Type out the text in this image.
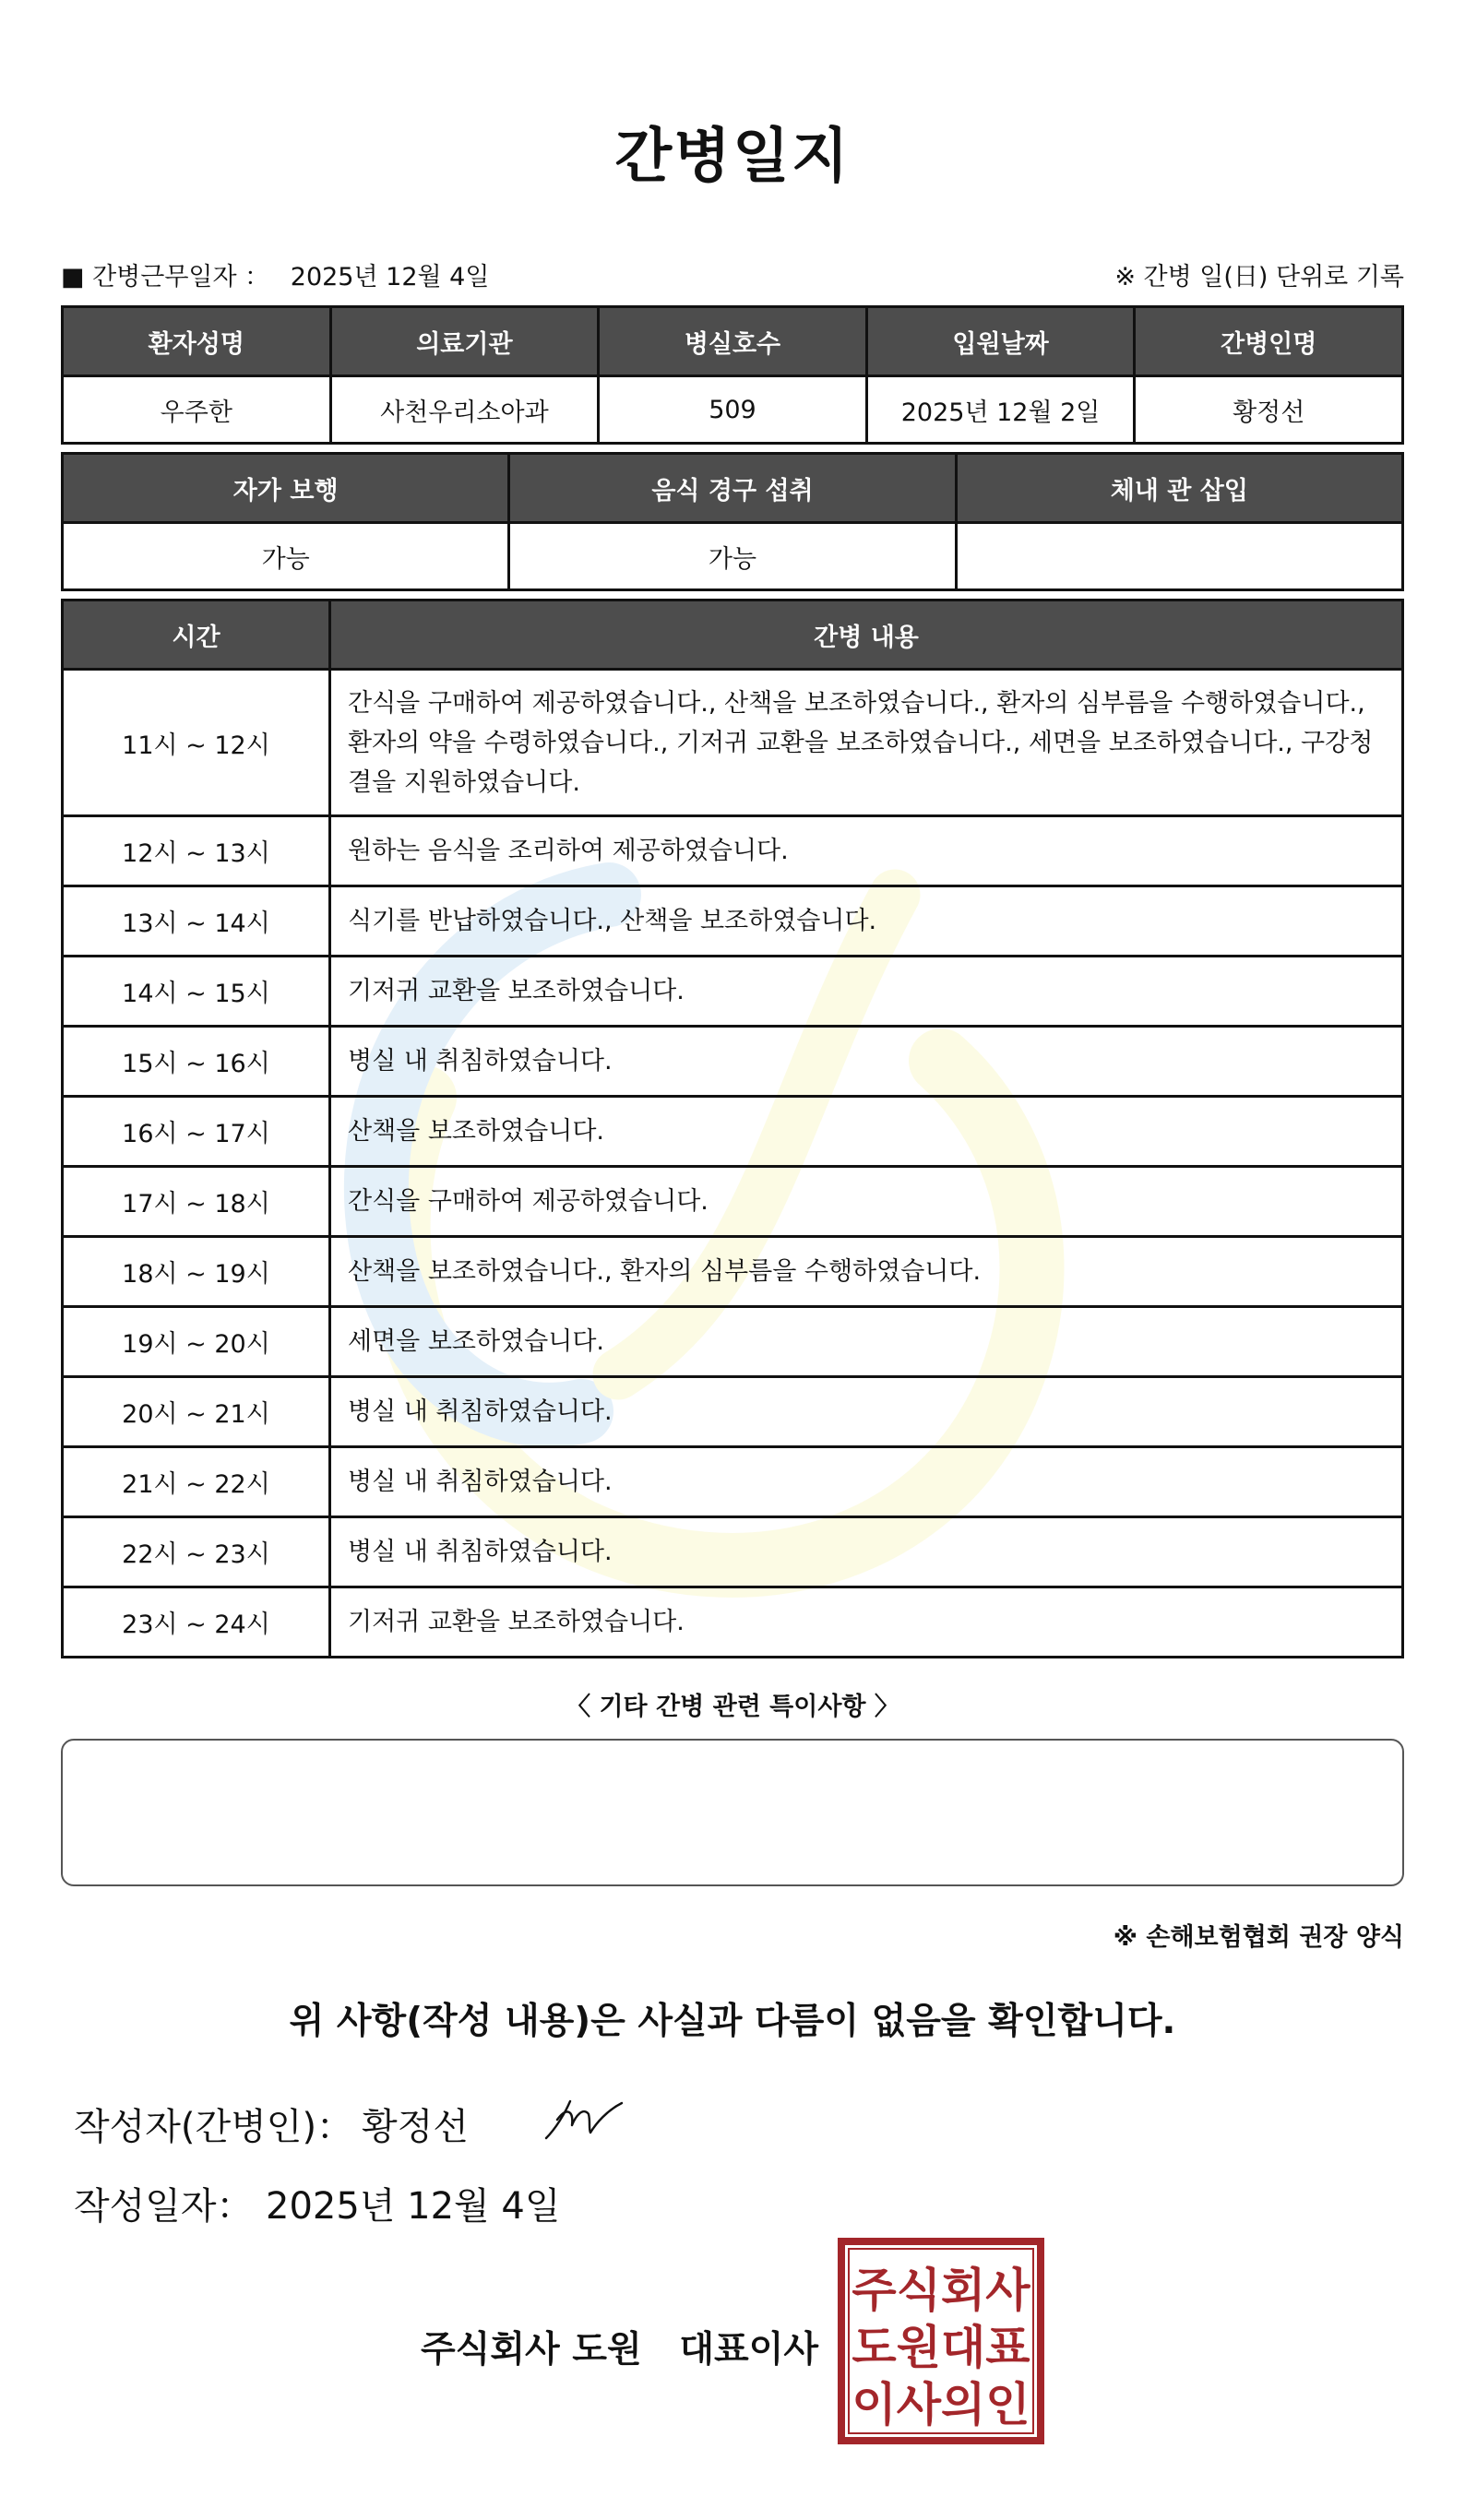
간병일지
■ 간병근무일자 ： 2025년 12월 4일	※ 간병 일(日) 단위로 기록
환자성명	의료기관	병실호수	입원날짜	간병인명
우주한	사천우리소아과	509	2025년 12월 2일	황정선
자가 보행	음식 경구 섭취	체내 관 삽입
가능	가능	
시간	간병 내용
11시 ~ 12시	간식을 구매하여 제공하였습니다., 산책을 보조하였습니다., 환자의 심부름을 수행하였습니다., 환자의 약을 수령하였습니다., 기저귀 교환을 보조하였습니다., 세면을 보조하였습니다., 구강청결을 지원하였습니다.
12시 ~ 13시	원하는 음식을 조리하여 제공하였습니다.
13시 ~ 14시	식기를 반납하였습니다., 산책을 보조하였습니다.
14시 ~ 15시	기저귀 교환을 보조하였습니다.
15시 ~ 16시	병실 내 취침하였습니다.
16시 ~ 17시	산책을 보조하였습니다.
17시 ~ 18시	간식을 구매하여 제공하였습니다.
18시 ~ 19시	산책을 보조하였습니다., 환자의 심부름을 수행하였습니다.
19시 ~ 20시	세면을 보조하였습니다.
20시 ~ 21시	병실 내 취침하였습니다.
21시 ~ 22시	병실 내 취침하였습니다.
22시 ~ 23시	병실 내 취침하였습니다.
23시 ~ 24시	기저귀 교환을 보조하였습니다.
〈 기타 간병 관련 특이사항 〉
※ 손해보험협회 권장 양식
위 사항(작성 내용)은 사실과 다름이 없음을 확인합니다.
작성자(간병인)： 황정선
작성일자： 2025년 12월 4일
주식회사 도원   대표이사
주식회사
도원대표
이사의인
